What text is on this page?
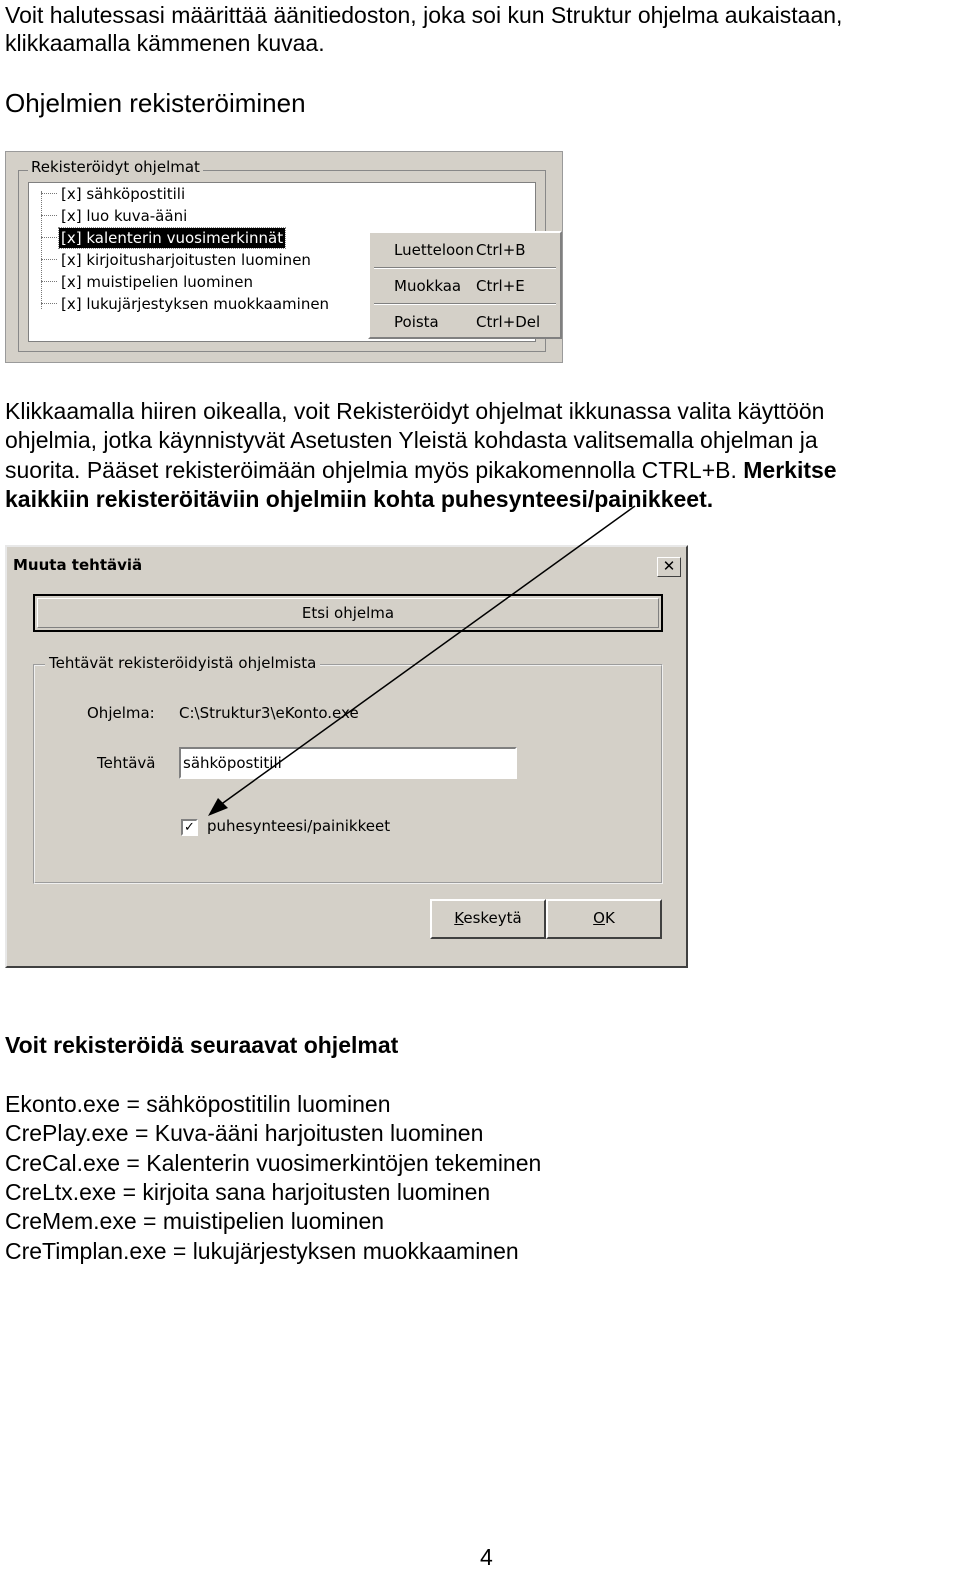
Voit halutessasi määrittää äänitiedoston, joka soi kun Struktur ohjelma aukaistaan,

klikkaamalla kämmenen kuvaa.

Ohjelmien rekisteröiminen
Rekisteröidyt ohjelmat
[x] sähköpostitili
[x] luo kuva-ääni
[x] kalenterin vuosimerkinnät
[x] kirjoitusharjoitusten luominen
[x] muistipelien luominen
[x] lukujärjestyksen muokkaaminen
Luetteloon Ctrl+B
Muokkaa Ctrl+E
Poista Ctrl+Del

Klikkaamalla hiiren oikealla, voit Rekisteröidyt ohjelmat ikkunassa valita käyttöön

ohjelmia, jotka käynnistyvät Asetusten Yleistä kohdasta valitsemalla ohjelman ja

suorita. Pääset rekisteröimään ohjelmia myös pikakomennolla CTRL+B. Merkitse

kaikkiin rekisteröitäviin ohjelmiin kohta puhesynteesi/painikkeet.

Muuta tehtäviä	✕
Etsi ohjelma
Tehtävät rekisteröidyistä ohjelmista
Ohjelma: C:\Struktur3\eKonto.exe
Tehtävä sähköpostitili
✓ puhesynteesi/painikkeet
Keskeytä	OK
Voit rekisteröidä seuraavat ohjelmat

Ekonto.exe = sähköpostitilin luominen

CrePlay.exe = Kuva-ääni harjoitusten luominen

CreCal.exe = Kalenterin vuosimerkintöjen tekeminen

CreLtx.exe = kirjoita sana harjoitusten luominen

CreMem.exe = muistipelien luominen

CreTimplan.exe = lukujärjestyksen muokkaaminen

4
